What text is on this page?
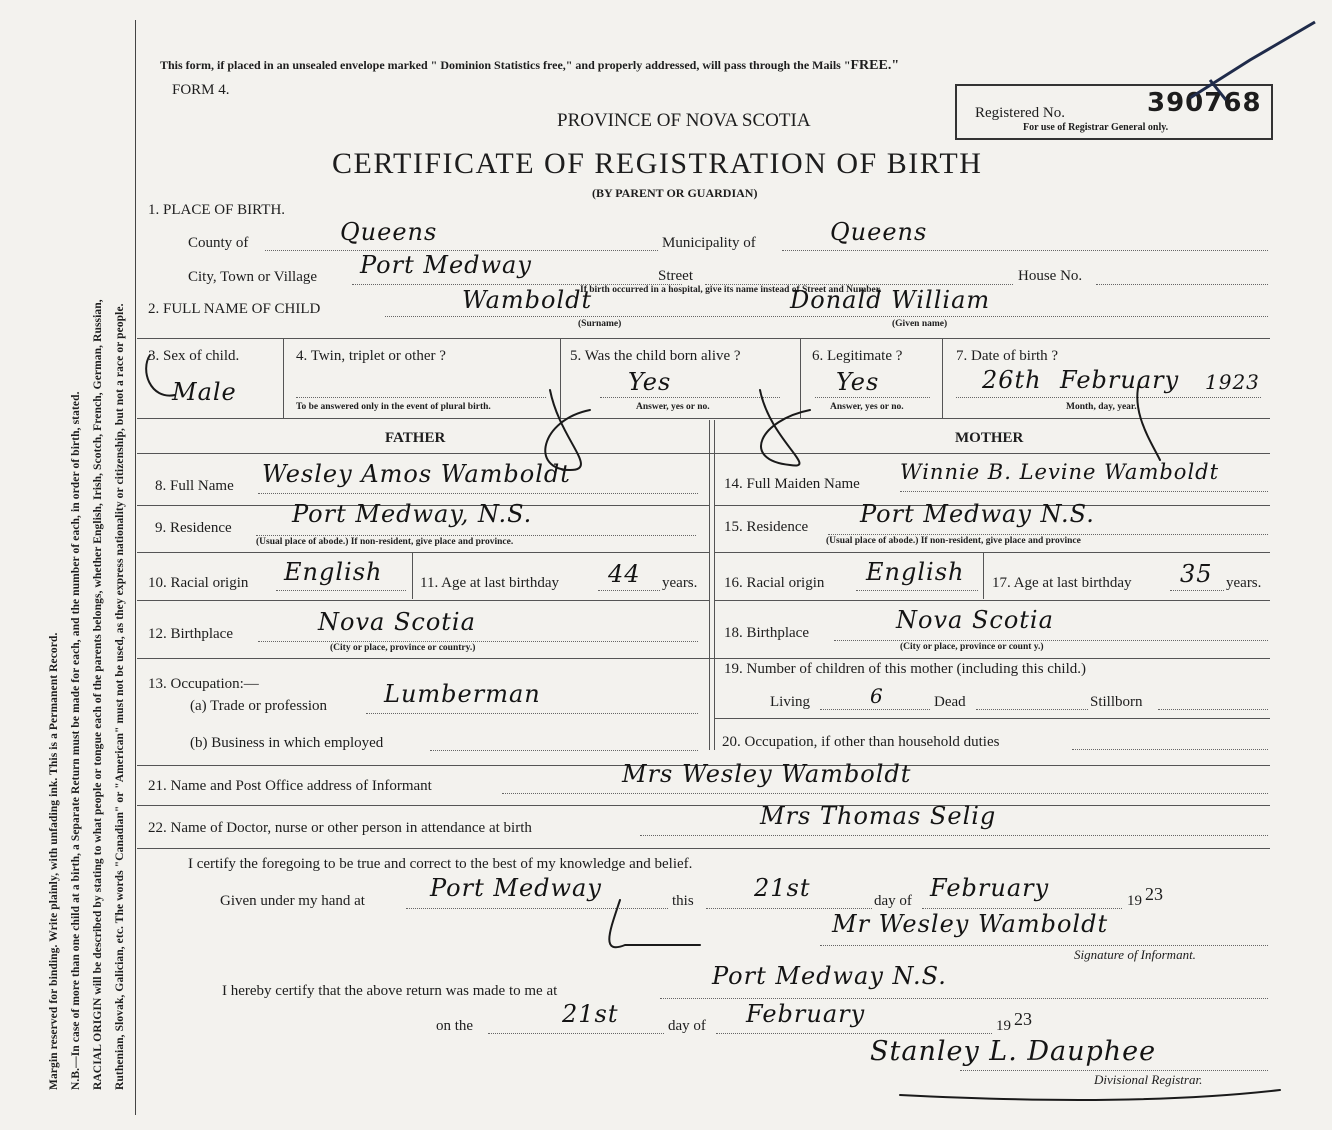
Margin reserved for binding. Write plainly, with unfading ink. This is a Permanent Record. N.B.—In case of more than one child at a birth, a Separate Return must be made for each, and the number of each, in order of birth, stated. RACIAL ORIGIN will be described by stating to what people or tongue each of the parents belongs, whether English, Irish, Scotch, French, German, Russian, Ruthenian, Slovak, Galician, etc. The words "Canadian" or "American" must not be used, as they express nationality or citizenship, but not a race or people.
This form, if placed in an unsealed envelope marked " Dominion Statistics free," and properly addressed, will pass through the Mails "FREE."
FORM 4.
PROVINCE OF NOVA SCOTIA
CERTIFICATE OF REGISTRATION OF BIRTH
(BY PARENT OR GUARDIAN)
Registered No.	390768
For use of Registrar General only.
1. PLACE OF BIRTH.
County of	Queens	Municipality of	Queens
City, Town or Village Port Medway	Street	House No.
If birth occurred in a hospital, give its name instead of Street and Number.
2. FULL NAME OF CHILD	Wamboldt	Donald William
(Surname)	(Given name)
3. Sex of child.
Male
4. Twin, triplet or other ?
To be answered only in the event of plural birth.
5. Was the child born alive ?
Yes
Answer, yes or no.
6. Legitimate ?
Yes
Answer, yes or no.
7. Date of birth ?
26th February 1923
Month, day, year.
FATHER	MOTHER
8. Full Name Wesley Amos Wamboldt
9. Residence	Port Medway, N.S.
(Usual place of abode.) If non-resident, give place and province.
10. Racial origin English	11. Age at last birthday 44 years.
12. Birthplace	Nova Scotia
(City or place, province or country.)
13. Occupation:—
(a) Trade or profession Lumberman
(b) Business in which employed
14. Full Maiden Name Winnie B. Levine Wamboldt
15. Residence Port Medway N.S.
(Usual place of abode.) If non-resident, give place and province
16. Racial origin English 17. Age at last birthday 35 years.
18. Birthplace	Nova Scotia
(City or place, province or count y.)
19. Number of children of this mother (including this child.)
Living	6	Dead	Stillborn
20. Occupation, if other than household duties
21. Name and Post Office address of Informant	Mrs Wesley Wamboldt
22. Name of Doctor, nurse or other person in attendance at birth	Mrs Thomas Selig
I certify the foregoing to be true and correct to the best of my knowledge and belief.
Given under my hand at	Port Medway	this	21st	day of February	19 23
Mr Wesley Wamboldt
Signature of Informant.
I hereby certify that the above return was made to me at
Port Medway N.S.
on the	21st	day of February	19 23
Stanley L. Dauphee
Divisional Registrar.
